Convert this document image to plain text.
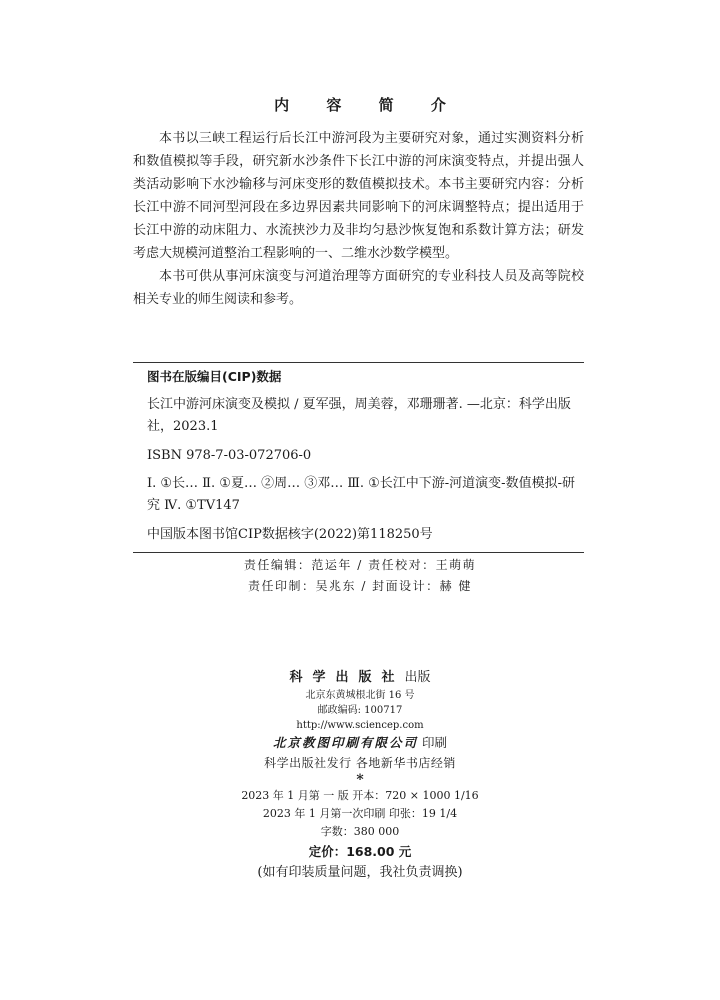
内 容 简 介

本书以三峡工程运行后长江中游河段为主要研究对象，通过实测资料分析和数值模拟等手段，研究新水沙条件下长江中游的河床演变特点，并提出强人类活动影响下水沙输移与河床变形的数值模拟技术。本书主要研究内容：分析长江中游不同河型河段在多边界因素共同影响下的河床调整特点；提出适用于长江中游的动床阻力、水流挟沙力及非均匀悬沙恢复饱和系数计算方法；研发考虑大规模河道整治工程影响的一、二维水沙数学模型。

本书可供从事河床演变与河道治理等方面研究的专业科技人员及高等院校相关专业的师生阅读和参考。

图书在版编目(CIP)数据
长江中游河床演变及模拟 / 夏军强，周美蓉，邓珊珊著. —北京：科学出版社，2023.1
ISBN 978-7-03-072706-0
Ⅰ. ①长… Ⅱ. ①夏… ②周… ③邓… Ⅲ. ①长江中下游-河道演变-数值模拟-研究 Ⅳ. ①TV147
中国版本图书馆CIP数据核字(2022)第118250号
责任编辑：范运年 / 责任校对：王萌萌
责任印制：吴兆东 / 封面设计：赫 健
科学出版社出版
北京东黄城根北街 16 号
邮政编码: 100717
http://www.sciencep.com
北京教图印刷有限公司 印刷
科学出版社发行 各地新华书店经销
*
2023 年 1 月第 一 版 开本：720 × 1000 1/16
2023 年 1 月第一次印刷 印张：19 1/4
字数：380 000
定价：168.00 元
(如有印装质量问题，我社负责调换)
